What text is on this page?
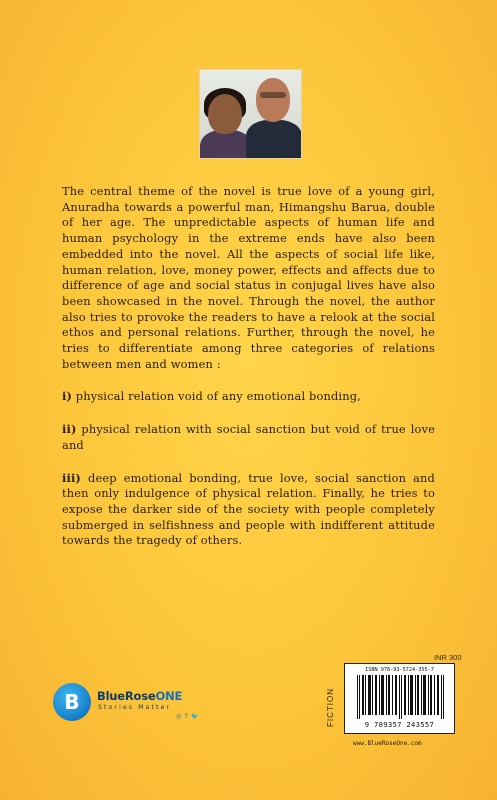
The central theme of the novel is true love of a young girl, Anuradha towards a powerful man, Himangshu Barua, double of her age. The unpredictable aspects of human life and human psychology in the extreme ends have also been embedded into the novel. All the aspects of social life like, human relation, love, money power, effects and affects due to difference of age and social status in conjugal lives have also been showcased in the novel. Through the novel, the author also tries to provoke the readers to have a relook at the social ethos and personal relations. Further, through the novel, he tries to differentiate among three categories of relations between men and women :

i) physical relation void of any emotional bonding,

ii) physical relation with social sanction but void of true love and

iii) deep emotional bonding, true love, social sanction and then only indulgence of physical relation. Finally, he tries to expose the darker side of the society with people completely submerged in selfishness and people with indifferent attitude towards the tragedy of others.

B	BlueRoseONE
Stories Matter
◎ f 🐦
INR 300
FICTION
ISBN 978-93-5724-355-7
9 789357 243557
www.BlueRoseOne.com
